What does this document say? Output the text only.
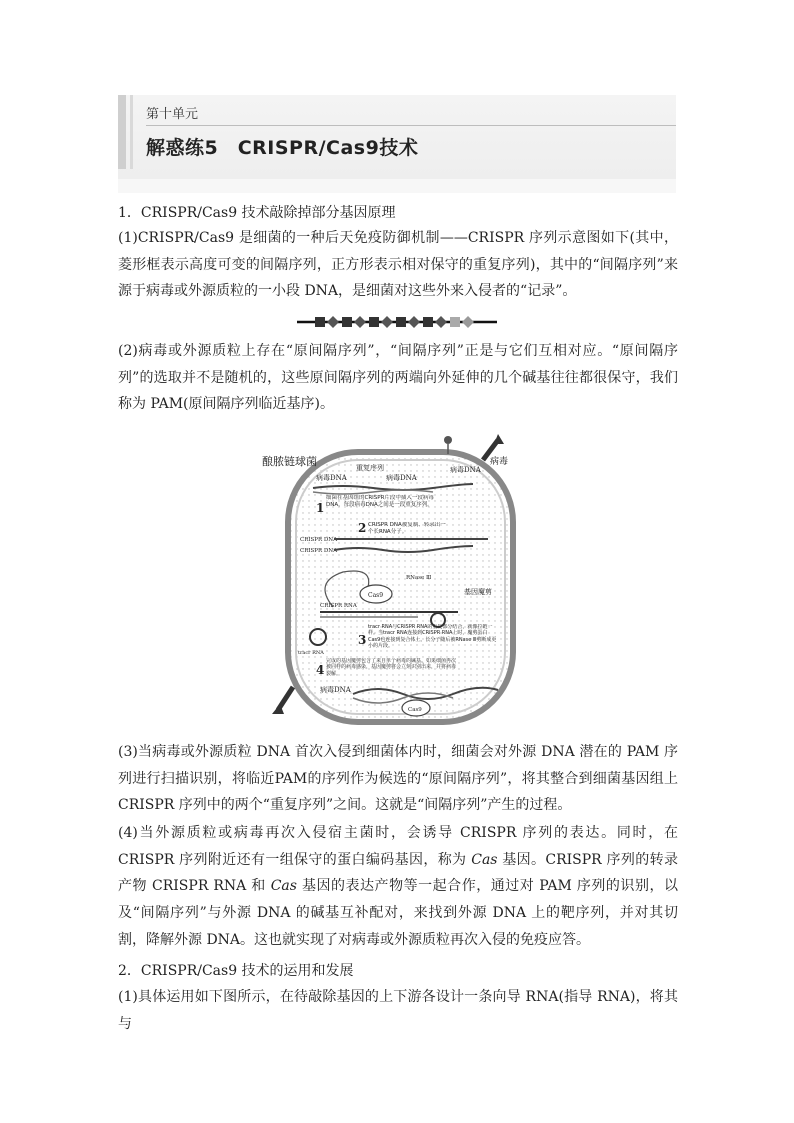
第十单元
解惑练5　CRISPR/Cas9技术

1．CRISPR/Cas9 技术敲除掉部分基因原理

(1)CRISPR/Cas9 是细菌的一种后天免疫防御机制——CRISPR 序列示意图如下(其中，菱形框表示高度可变的间隔序列，正方形表示相对保守的重复序列)，其中的“间隔序列”来源于病毒或外源质粒的一小段 DNA，是细菌对这些外来入侵者的“记录”。

(2)病毒或外源质粒上存在“原间隔序列”，“间隔序列”正是与它们互相对应。“原间隔序列”的选取并不是随机的，这些原间隔序列的两端向外延伸的几个碱基往往都很保守，我们称为 PAM(原间隔序列临近基序)。

酿脓链球菌	病毒
病毒DNA
重复序列
病毒DNA
病毒DNA
1
细菌在基因组的CRISPR片段中插入一段病毒DNA，每段病毒DNA之间是一段重复序列。
2 CRISPR DNA被复制、转录出一个长RNA分子。
CRISPR DNA
CRISPR DNA
Cas9
RNase Ⅲ
CRISPR RNA
tracr RNA
基因魔剪
3
tracr RNA与CRISPR RNA的重复部分结合，就像拉链一样。当tracr RNA连接到CRISPR RNA上时，魔剪蛋白Cas9也连接到复合体上。长分子随后被RNase Ⅲ剪断成更小的片段。
4
完成的基因魔剪包含了来自单个病毒的碱基。如果细菌再次被同样的病毒感染，基因魔剪将会立刻识别出来，并将病毒裂解。
病毒DNA
Cas9

(3)当病毒或外源质粒 DNA 首次入侵到细菌体内时，细菌会对外源 DNA 潜在的 PAM 序列进行扫描识别，将临近PAM的序列作为候选的“原间隔序列”，将其整合到细菌基因组上 CRISPR 序列中的两个“重复序列”之间。这就是“间隔序列”产生的过程。

(4)当外源质粒或病毒再次入侵宿主菌时，会诱导 CRISPR 序列的表达。同时，在 CRISPR 序列附近还有一组保守的蛋白编码基因，称为 Cas 基因。CRISPR 序列的转录产物 CRISPR RNA 和 Cas 基因的表达产物等一起合作，通过对 PAM 序列的识别，以及“间隔序列”与外源 DNA 的碱基互补配对，来找到外源 DNA 上的靶序列，并对其切割，降解外源 DNA。这也就实现了对病毒或外源质粒再次入侵的免疫应答。

2．CRISPR/Cas9 技术的运用和发展

(1)具体运用如下图所示，在待敲除基因的上下游各设计一条向导 RNA(指导 RNA)，将其与
